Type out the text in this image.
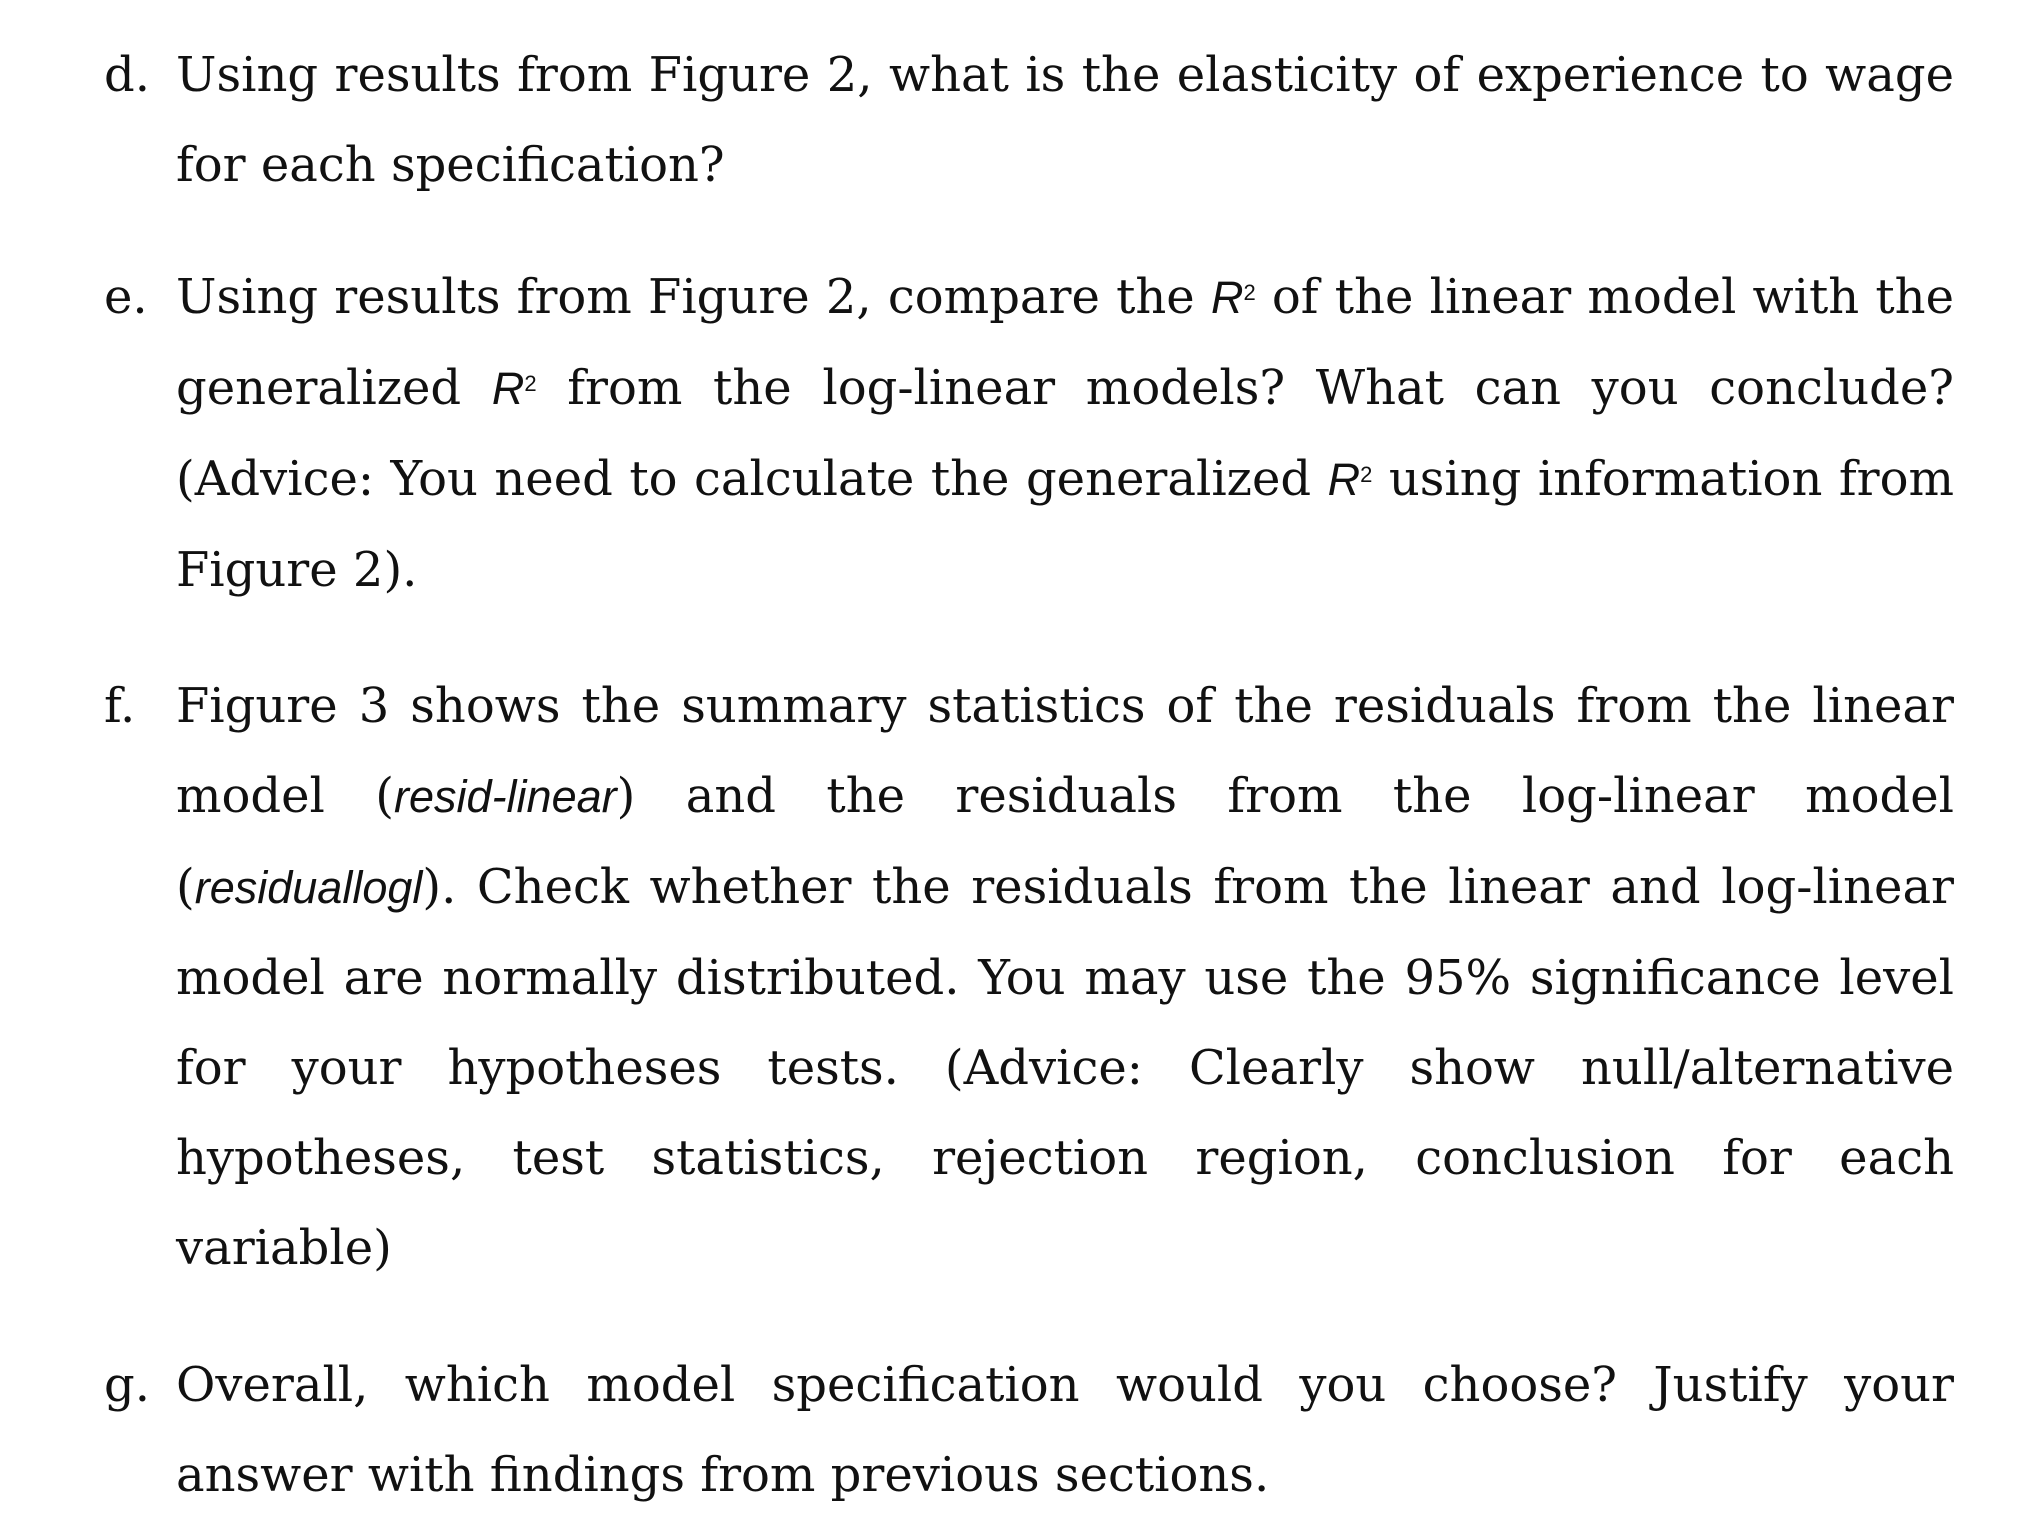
d. Using results from Figure 2, what is the elasticity of experience to wage for each specification?
e. Using results from Figure 2, compare the $R^2$ of the linear model with the generalized $R^2$ from the log-linear models? What can you conclude? (Advice: You need to calculate the generalized $R^2$ using information from Figure 2).
f. Figure 3 shows the summary statistics of the residuals from the linear model (resid-linear) and the residuals from the log-linear model (residuallogl). Check whether the residuals from the linear and log-linear model are normally distributed. You may use the 95% significance level for your hypotheses tests. (Advice: Clearly show null/alternative hypotheses, test statistics, rejection region, conclusion for each variable)
g. Overall, which model specification would you choose? Justify your answer with findings from previous sections.
